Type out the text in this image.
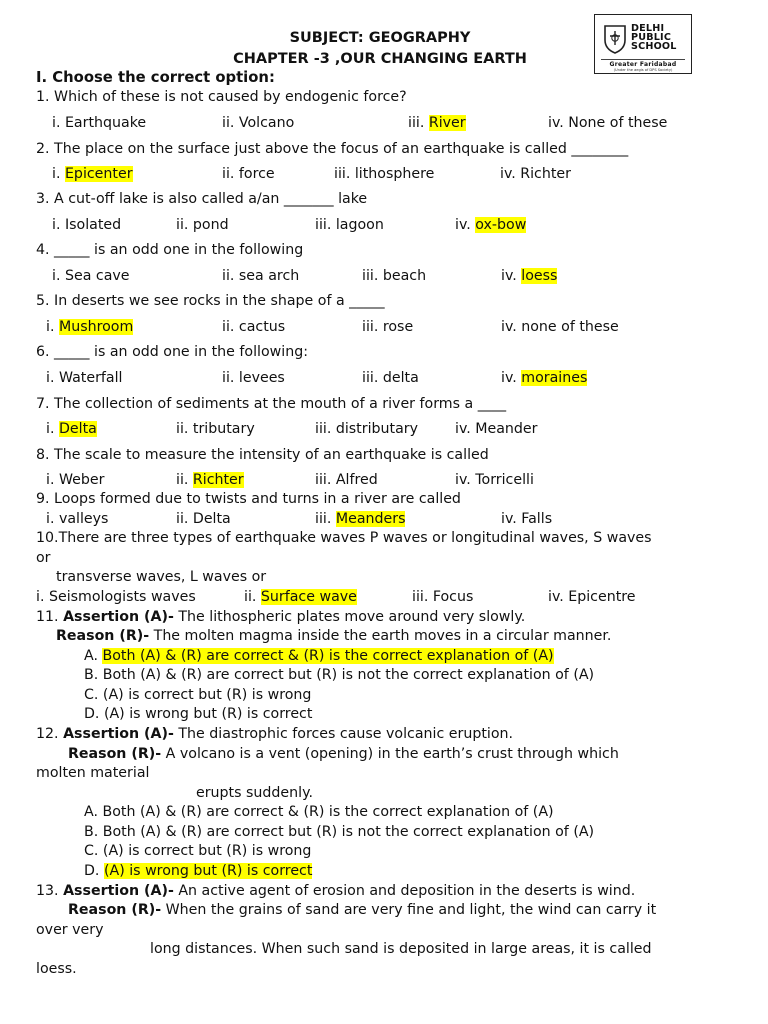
SUBJECT: GEOGRAPHY
CHAPTER -3 ,OUR CHANGING EARTH
DELHI
PUBLIC
SCHOOL
Greater Faridabad
(Under the aegis of DPS Society)
I. Choose the correct option:
1. Which of these is not caused by endogenic force?
i. Earthquake	ii. Volcano	iii. River	iv. None of these
2. The place on the surface just above the focus of an earthquake is called ________
i. Epicenter	ii. force	iii. lithosphere	iv. Richter
3. A cut-off lake is also called a/an _______ lake
i. Isolated	ii. pond	iii. lagoon	iv. ox-bow
4. _____ is an odd one in the following
i. Sea cave	ii. sea arch	iii. beach	iv. loess
5. In deserts we see rocks in the shape of a _____
i. Mushroom	ii. cactus	iii. rose	iv. none of these
6. _____ is an odd one in the following:
i. Waterfall	ii. levees	iii. delta	iv. moraines
7. The collection of sediments at the mouth of a river forms a ____
i. Delta	ii. tributary	iii. distributary	iv. Meander
8. The scale to measure the intensity of an earthquake is called
i. Weber	ii. Richter	iii. Alfred	iv. Torricelli
9. Loops formed due to twists and turns in a river are called
i. valleys	ii. Delta	iii. Meanders	iv. Falls
10.There are three types of earthquake waves P waves or longitudinal waves, S waves
or
transverse waves, L waves or
i. Seismologists waves	ii. Surface wave	iii. Focus	iv. Epicentre
11. Assertion (A)- The lithospheric plates move around very slowly.
Reason (R)- The molten magma inside the earth moves in a circular manner.
A. Both (A) & (R) are correct & (R) is the correct explanation of (A)
B. Both (A) & (R) are correct but (R) is not the correct explanation of (A)
C. (A) is correct but (R) is wrong
D. (A) is wrong but (R) is correct
12. Assertion (A)- The diastrophic forces cause volcanic eruption.
Reason (R)- A volcano is a vent (opening) in the earth’s crust through which
molten material
erupts suddenly.
A. Both (A) & (R) are correct & (R) is the correct explanation of (A)
B. Both (A) & (R) are correct but (R) is not the correct explanation of (A)
C. (A) is correct but (R) is wrong
D. (A) is wrong but (R) is correct
13. Assertion (A)- An active agent of erosion and deposition in the deserts is wind.
Reason (R)- When the grains of sand are very fine and light, the wind can carry it
over very
long distances. When such sand is deposited in large areas, it is called
loess.
